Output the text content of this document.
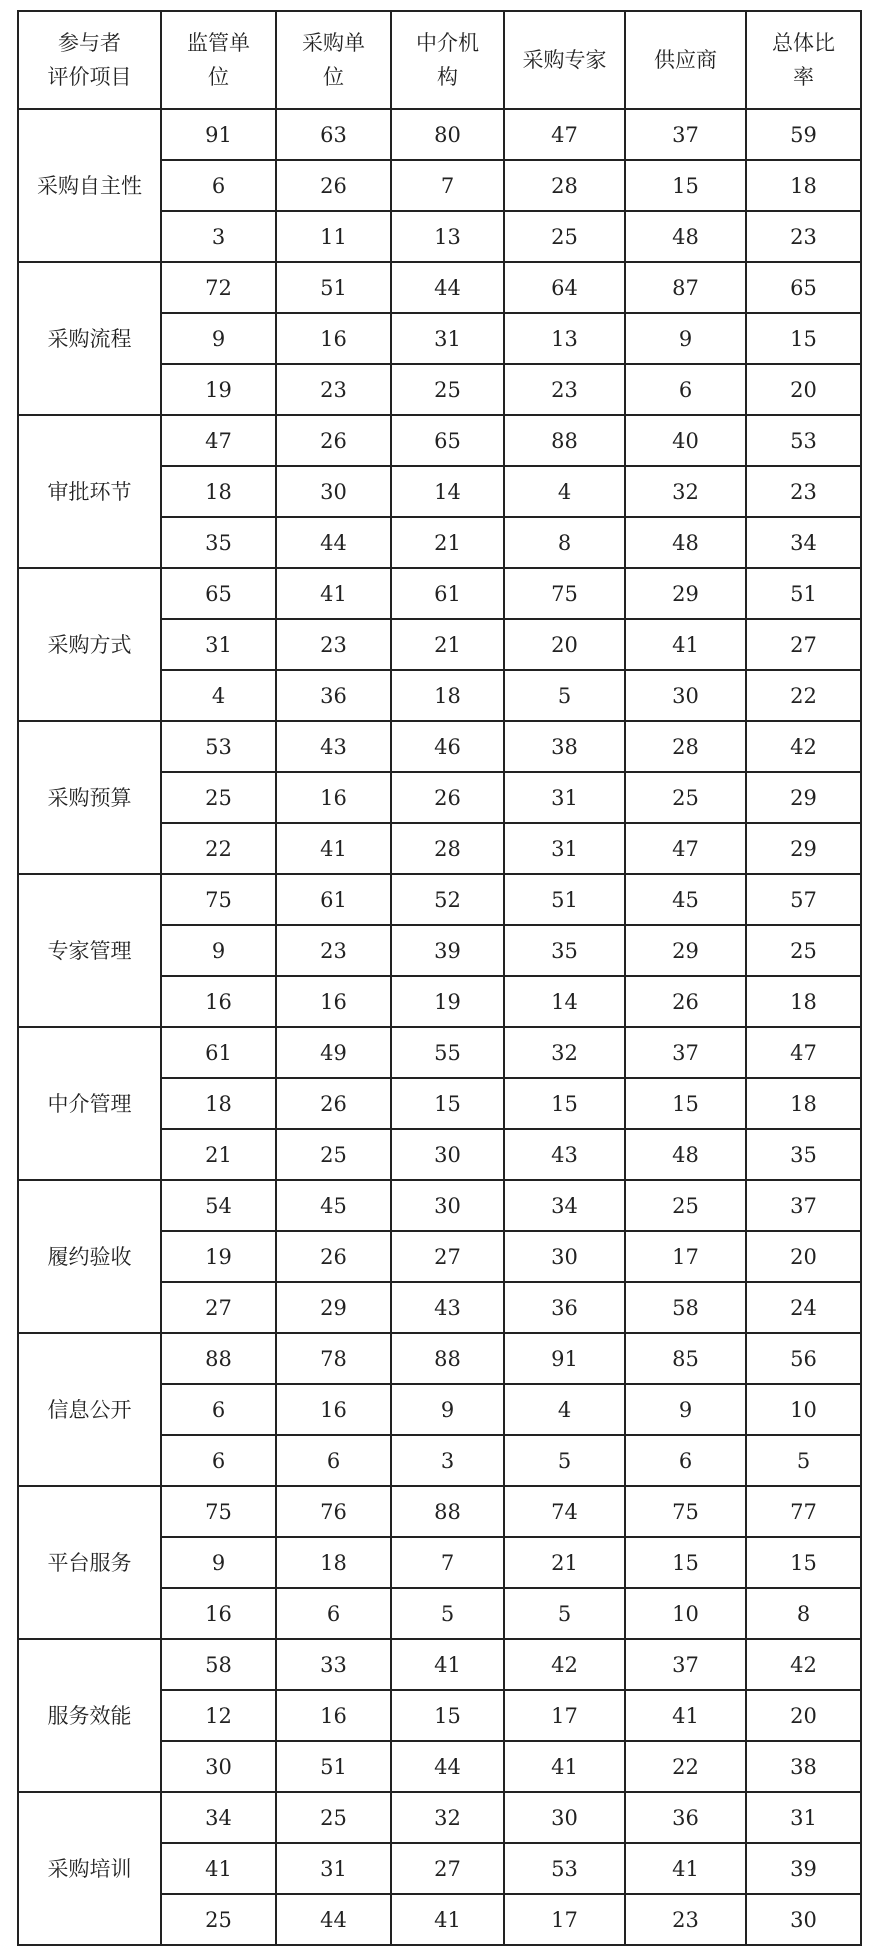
参与者
评价项目	监管单位	采购单位	中介机构	采购专家	供应商	总体比率
采购自主性	91	63	80	47	37	59
	6	26	7	28	15	18
	3	11	13	25	48	23
采购流程	72	51	44	64	87	65
	9	16	31	13	9	15
	19	23	25	23	6	20
审批环节	47	26	65	88	40	53
	18	30	14	4	32	23
	35	44	21	8	48	34
采购方式	65	41	61	75	29	51
	31	23	21	20	41	27
	4	36	18	5	30	22
采购预算	53	43	46	38	28	42
	25	16	26	31	25	29
	22	41	28	31	47	29
专家管理	75	61	52	51	45	57
	9	23	39	35	29	25
	16	16	19	14	26	18
中介管理	61	49	55	32	37	47
	18	26	15	15	15	18
	21	25	30	43	48	35
履约验收	54	45	30	34	25	37
	19	26	27	30	17	20
	27	29	43	36	58	24
信息公开	88	78	88	91	85	56
	6	16	9	4	9	10
	6	6	3	5	6	5
平台服务	75	76	88	74	75	77
	9	18	7	21	15	15
	16	6	5	5	10	8
服务效能	58	33	41	42	37	42
	12	16	15	17	41	20
	30	51	44	41	22	38
采购培训	34	25	32	30	36	31
	41	31	27	53	41	39
	25	44	41	17	23	30
